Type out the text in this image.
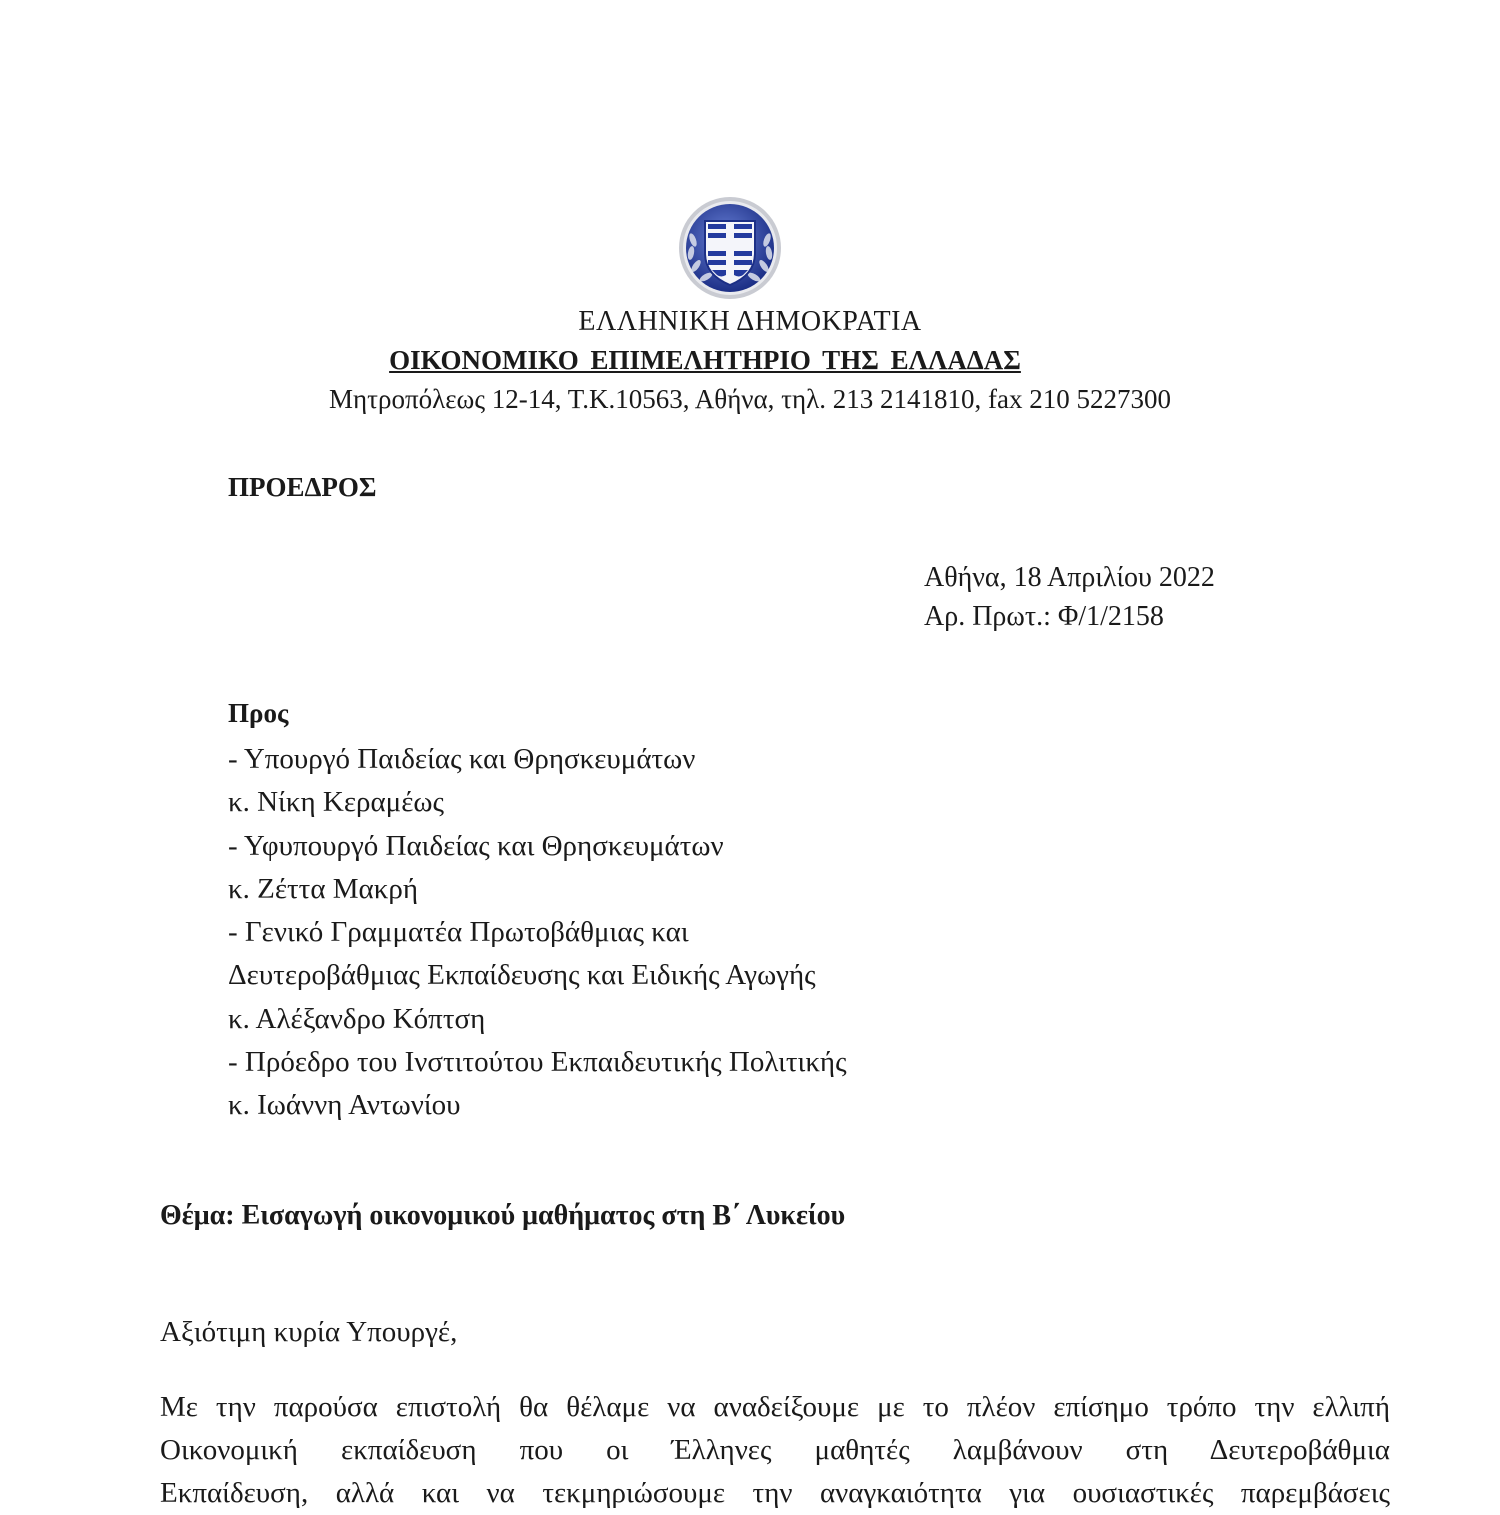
ΕΛΛΗΝΙΚΗ ΔΗΜΟΚΡΑΤΙΑ
ΟΙΚΟΝΟΜΙΚΟ ΕΠΙΜΕΛΗΤΗΡΙΟ ΤΗΣ ΕΛΛΑΔΑΣ
Μητροπόλεως 12-14, Τ.Κ.10563, Αθήνα, τηλ. 213 2141810, fax 210 5227300
ΠΡΟΕΔΡΟΣ
Αθήνα, 18 Απριλίου 2022
Αρ. Πρωτ.: Φ/1/2158
Προς
- Υπουργό Παιδείας και Θρησκευμάτων
κ. Νίκη Κεραμέως
- Υφυπουργό Παιδείας και Θρησκευμάτων
κ. Ζέττα Μακρή
- Γενικό Γραμματέα Πρωτοβάθμιας και
Δευτεροβάθμιας Εκπαίδευσης και Ειδικής Αγωγής
κ. Αλέξανδρο Κόπτση
- Πρόεδρο του Ινστιτούτου Εκπαιδευτικής Πολιτικής
κ. Ιωάννη Αντωνίου
Θέμα: Εισαγωγή οικονομικού μαθήματος στη Β΄ Λυκείου
Αξιότιμη κυρία Υπουργέ,
Με την παρούσα επιστολή θα θέλαμε να αναδείξουμε με το πλέον επίσημο τρόπο την ελλιπή
Οικονομική εκπαίδευση που οι Έλληνες μαθητές λαμβάνουν στη Δευτεροβάθμια
Εκπαίδευση, αλλά και να τεκμηριώσουμε την αναγκαιότητα για ουσιαστικές παρεμβάσεις
